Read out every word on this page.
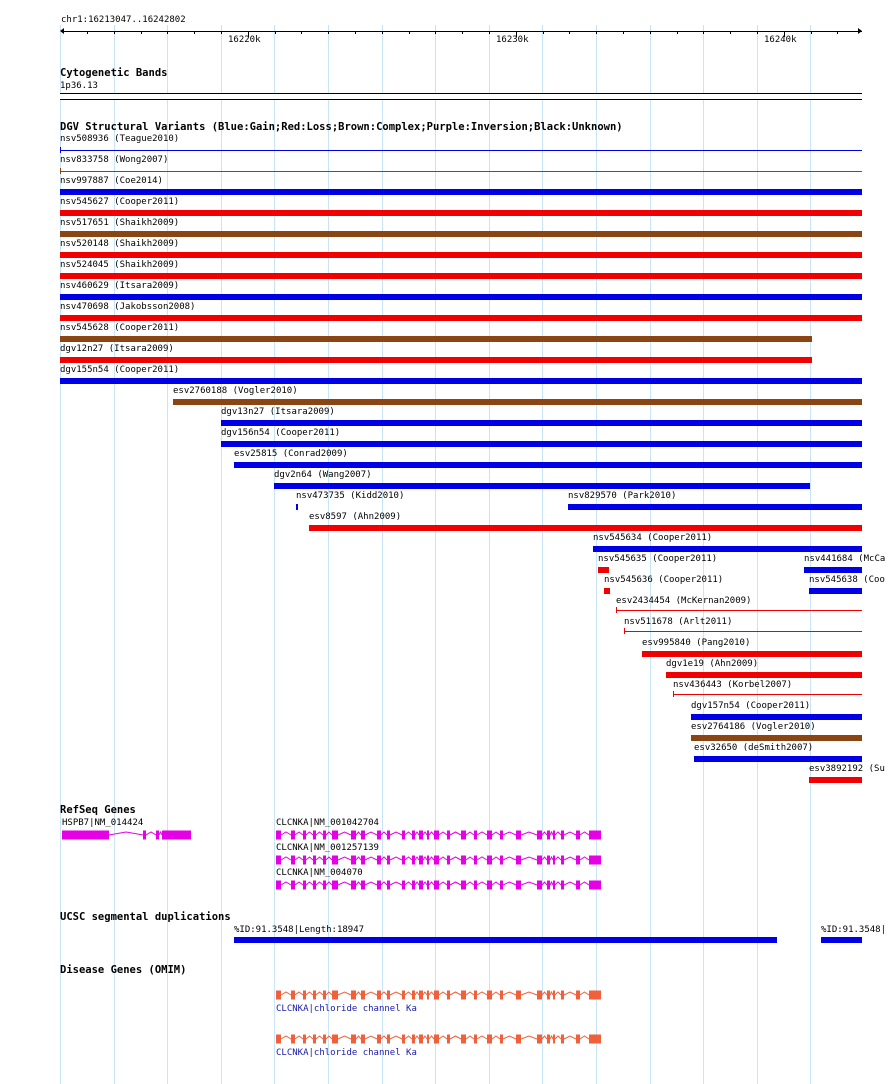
chr1:16213047..16242802
16220k	16230k	16240k
Cytogenetic Bands
1p36.13
DGV Structural Variants (Blue:Gain;Red:Loss;Brown:Complex;Purple:Inversion;Black:Unknown)
nsv508936 (Teague2010)
nsv833758 (Wong2007)
nsv997887 (Coe2014)
nsv545627 (Cooper2011)
nsv517651 (Shaikh2009)
nsv520148 (Shaikh2009)
nsv524045 (Shaikh2009)
nsv460629 (Itsara2009)
nsv470698 (Jakobsson2008)
nsv545628 (Cooper2011)
dgv12n27 (Itsara2009)
dgv155n54 (Cooper2011)
esv2760188 (Vogler2010)
dgv13n27 (Itsara2009)
dgv156n54 (Cooper2011)
esv25815 (Conrad2009)
dgv2n64 (Wang2007)
nsv473735 (Kidd2010)	nsv829570 (Park2010)
esv8597 (Ahn2009)
nsv545634 (Cooper2011)
nsv545635 (Cooper2011)	nsv441684 (McCa
nsv545636 (Cooper2011)	nsv545638 (Coo
esv2434454 (McKernan2009)
nsv511678 (Arlt2011)
esv995840 (Pang2010)
dgv1e19 (Ahn2009)
nsv436443 (Korbel2007)
dgv157n54 (Cooper2011)
esv2764186 (Vogler2010)
esv32650 (deSmith2007)
esv3892192 (Su
RefSeq Genes
HSPB7|NM_014424	CLCNKA|NM_001042704
CLCNKA|NM_001257139
CLCNKA|NM_004070
UCSC segmental duplications
%ID:91.3548|Length:18947	%ID:91.3548|
Disease Genes (OMIM)
CLCNKA|chloride channel Ka
CLCNKA|chloride channel Ka
